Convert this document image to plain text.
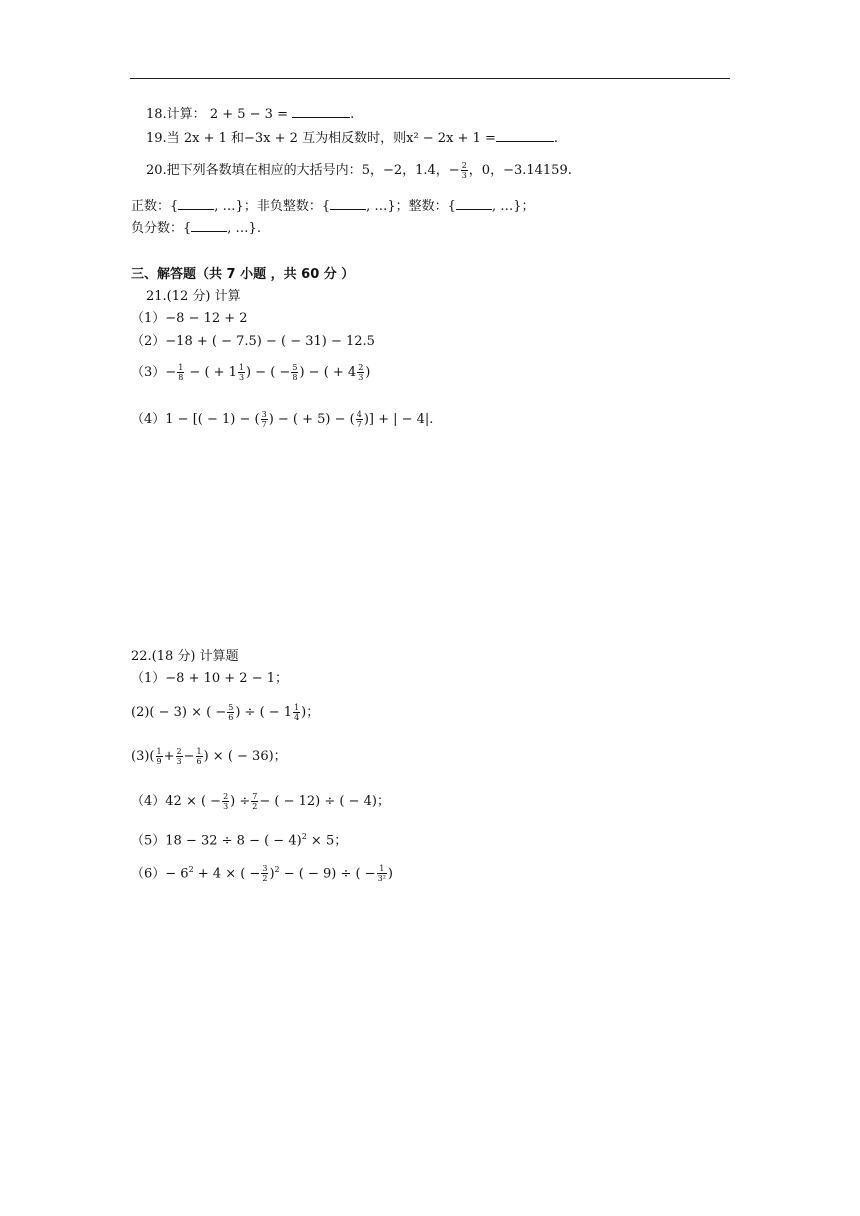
18.计算： 2 + 5 − 3 =	.
19.当 2x + 1 和−3x + 2 互为相反数时，则x² − 2x + 1 =	.
20.把下列各数填在相应的大括号内：5，−2，1.4，− $\frac{2}{3}$ ，0，−3.14159.
正数：{	, …}；非负整数：{	, …}；整数：{	, …}；
负分数：{	, …}.
三、解答题（共 7 小题 ，共 60 分 ）
21.(12 分) 计算
（1）−8 − 12 + 2
（2）−18 + ( − 7.5) − ( − 31) − 12.5
$(3)- \frac{1}{8}$ − ( + $1 \frac{1}{3}$ ) − ( − $\frac{5}{8}$ ) − ( + $4 \frac{2}{3}$ )
（4）1 − [( − 1) − ( $\frac{3}{7}$ ) − ( + 5) − ( $\frac{4}{7}$ )] + | − 4|.
22.(18 分) 计算题
（1）−8 + 10 + 2 − 1；
(2)( − 3) × ( − $\frac{5}{6}$ ) ÷ ( − $1 \frac{1}{4}$ )；
$(3)( \frac{1}{9} + \frac{2}{3} - \frac{1}{6}$ ) × ( − 36)；
（4）42 × ( − $\frac{2}{3}$ ) ÷ $\frac{7}{2}$ − ( − 12) ÷ ( − 4)；
（5）18 − 32 ÷ 8 − ( − 4)$^2$ × 5；
$(6)- 6^2 + 4$ × ( − $\frac{3}{2} )^2$ − ( − 9) ÷ ( − $\frac{1}{\text{3²}}$ )
